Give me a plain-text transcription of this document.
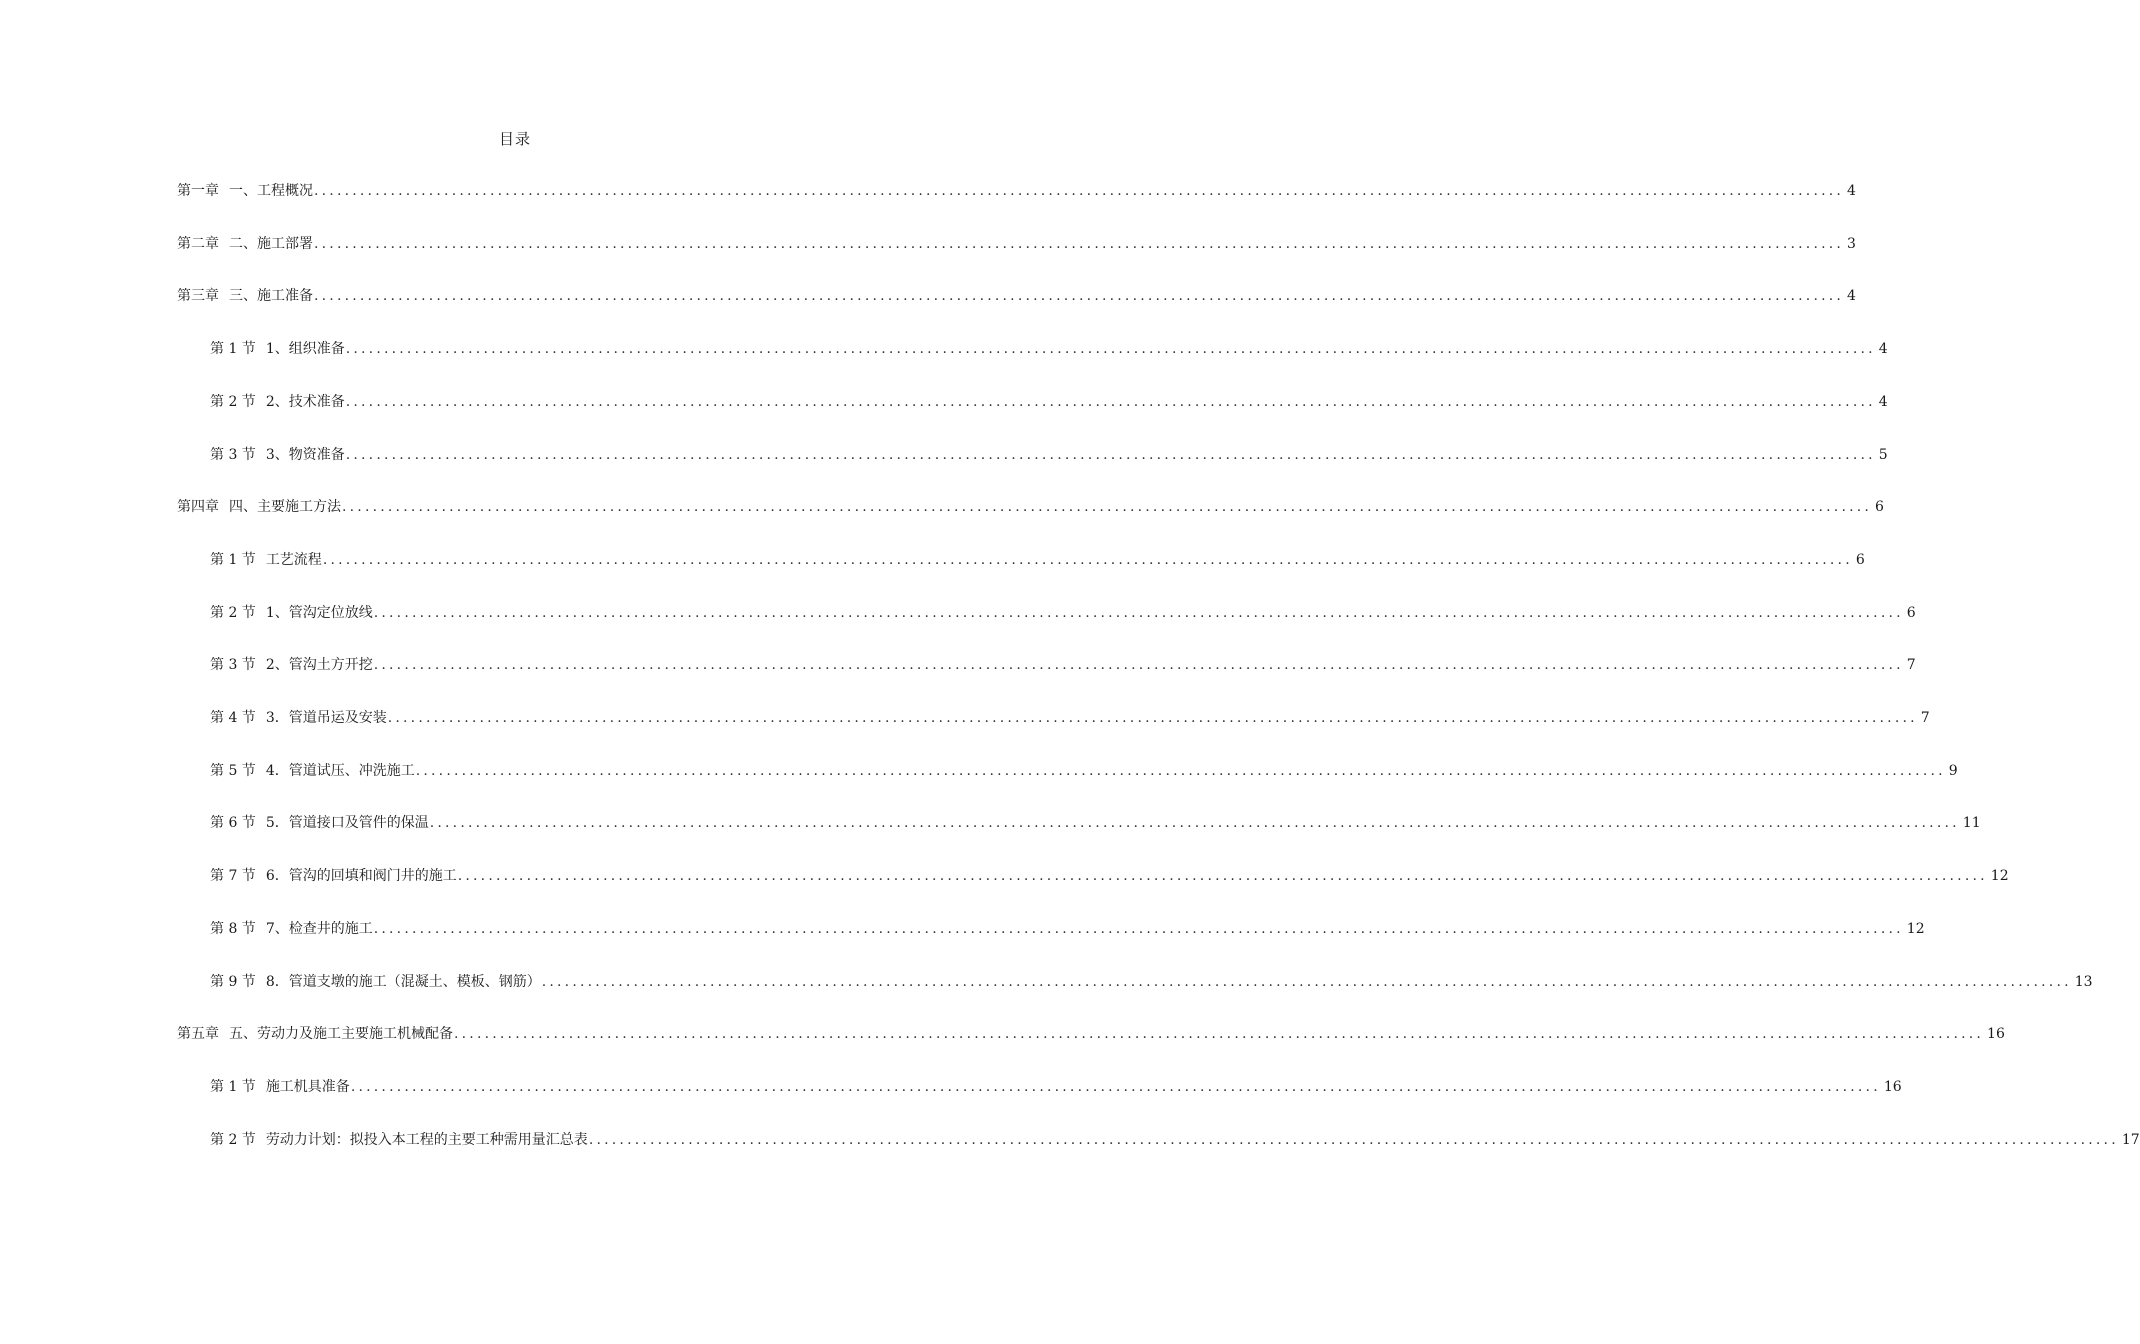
目录
第一章 一、工程概况 ........................................................................................................................................................................................................ 4
第二章 二、施工部署 ........................................................................................................................................................................................................ 3
第三章 三、施工准备 ........................................................................................................................................................................................................ 4
第 1 节 1、组织准备 ........................................................................................................................................................................................................ 4
第 2 节 2、技术准备 ........................................................................................................................................................................................................ 4
第 3 节 3、物资准备 ........................................................................................................................................................................................................ 5
第四章 四、主要施工方法 ........................................................................................................................................................................................................ 6
第 1 节 工艺流程 ........................................................................................................................................................................................................ 6
第 2 节 1、管沟定位放线 ........................................................................................................................................................................................................ 6
第 3 节 2、管沟土方开挖 ........................................................................................................................................................................................................ 7
第 4 节 3．管道吊运及安装 ........................................................................................................................................................................................................ 7
第 5 节 4．管道试压、冲洗施工 ........................................................................................................................................................................................................ 9
第 6 节 5．管道接口及管件的保温 ........................................................................................................................................................................................................ 11
第 7 节 6．管沟的回填和阀门井的施工 ........................................................................................................................................................................................................ 12
第 8 节 7、检查井的施工 ........................................................................................................................................................................................................ 12
第 9 节 8．管道支墩的施工（混凝土、模板、钢筋） ........................................................................................................................................................................................................ 13
第五章 五、劳动力及施工主要施工机械配备 ........................................................................................................................................................................................................ 16
第 1 节 施工机具准备 ........................................................................................................................................................................................................ 16
第 2 节 劳动力计划：拟投入本工程的主要工种需用量汇总表 ........................................................................................................................................................................................................ 17
